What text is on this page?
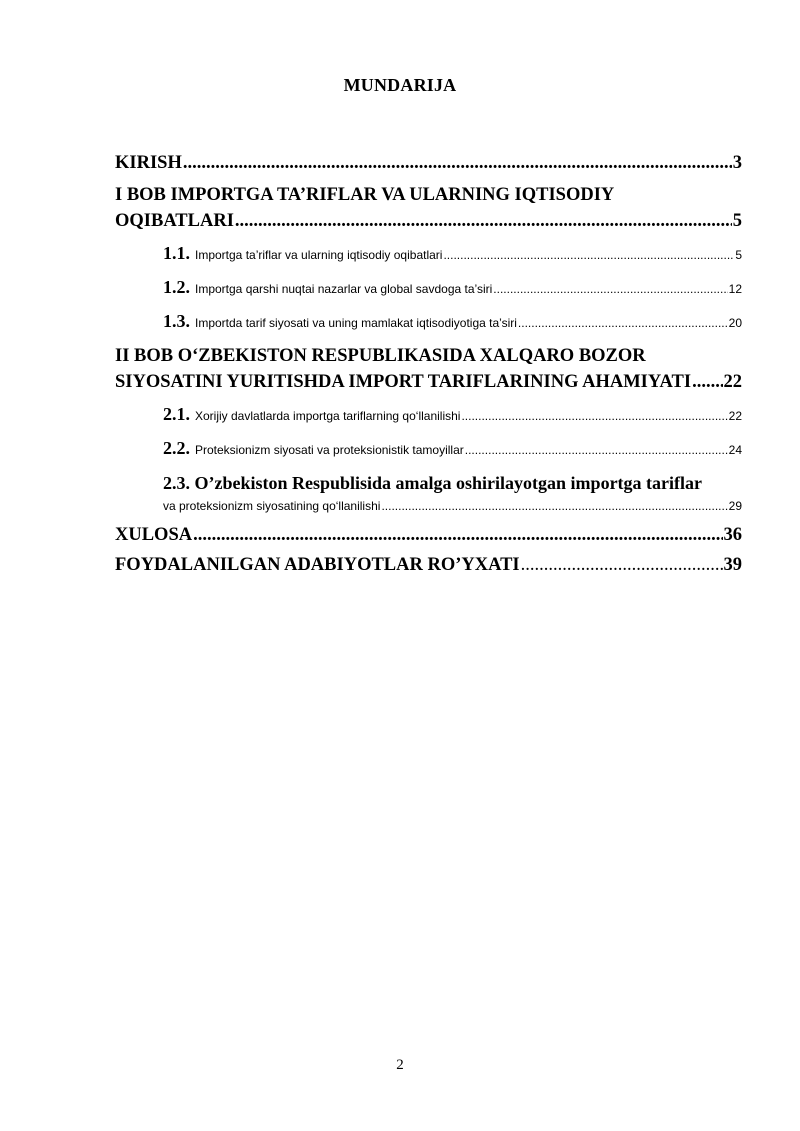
MUNDARIJA
KIRISH .....	3
I BOB IMPORTGA TA’RIFLAR VA ULARNING IQTISODIY
OQIBATLARI .....	5
1.1. Importga ta’riflar va ularning iqtisodiy oqibatlari .....	5
1.2. Importga qarshi nuqtai nazarlar va global savdoga ta’siri .....	12
1.3. Importda tarif siyosati va uning mamlakat iqtisodiyotiga ta’siri .....	20
II BOB O‘ZBEKISTON RESPUBLIKASIDA XALQARO BOZOR
SIYOSATINI YURITISHDA IMPORT TARIFLARINING AHAMIYATI ..... 22
2.1. Xorijiy davlatlarda importga tariflarning qo‘llanilishi .....	22
2.2. Proteksionizm siyosati va proteksionistik tamoyillar .....	24
2.3. O’zbekiston Respublisida amalga oshirilayotgan importga tariflar
va proteksionizm siyosatining qo‘llanilishi .....	29
XULOSA .....	36
FOYDALANILGAN ADABIYOTLAR RO’YXATI .....	39
2
